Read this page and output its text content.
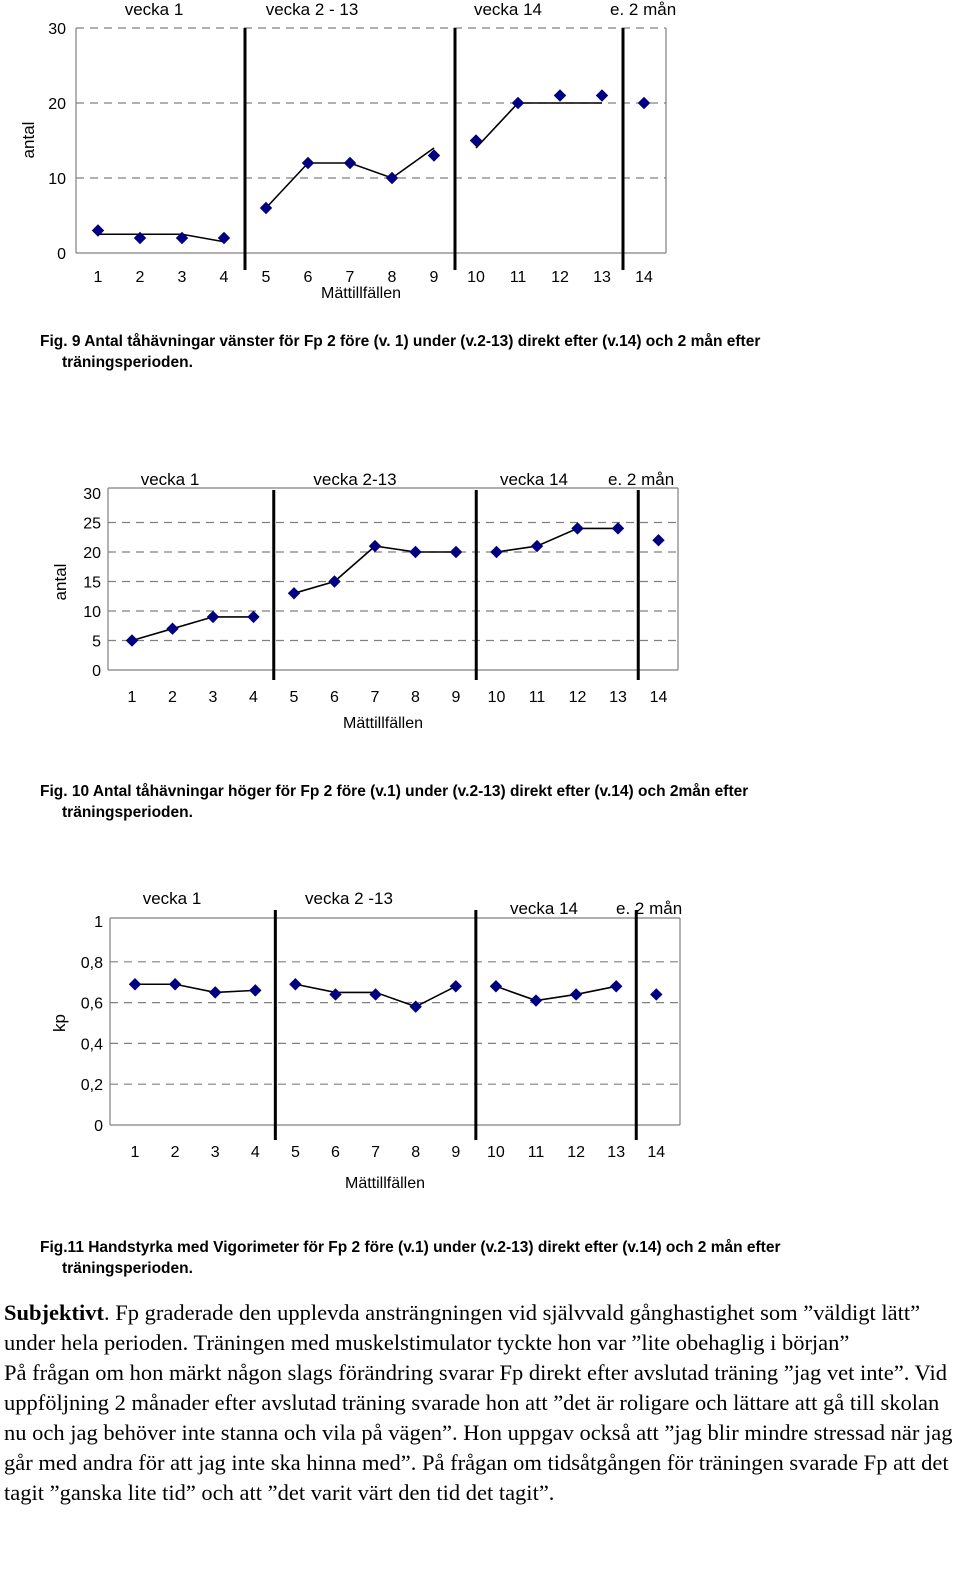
0
10
20
30
antal
1 2 3 4 5 6 7 8 9 10 11 12 13 14
Mättillfällen
vecka 1	vecka 2 - 13	vecka 14	e. 2 mån
Fig. 9 Antal tåhävningar vänster för Fp 2 före (v. 1) under (v.2-13) direkt efter (v.14) och 2 mån efter
träningsperioden.
0
5
10
15
20
25
30
antal
1 2 3 4 5 6 7 8 9 10 11 12 13 14
Mättillfällen
vecka 1	vecka 2-13	vecka 14 e. 2 mån
Fig. 10 Antal tåhävningar höger för Fp 2 före (v.1) under (v.2-13) direkt efter (v.14) och 2mån efter
träningsperioden.
0
0,2
0,4
0,6
0,8
1
kp
1 2 3 4 5 6 7 8 9 10 11 12 13 14
Mättillfällen
vecka 1	vecka 2 -13
vecka 14 e. 2 mån
Fig.11 Handstyrka med Vigorimeter för Fp 2 före (v.1) under (v.2-13) direkt efter (v.14) och 2 mån efter
träningsperioden.

Subjektivt. Fp graderade den upplevda ansträngningen vid självvald gånghastighet som ”väldigt lätt” under hela perioden. Träningen med muskelstimulator tyckte hon var ”lite obehaglig i början”

På frågan om hon märkt någon slags förändring svarar Fp direkt efter avslutad träning ”jag vet inte”. Vid uppföljning 2 månader efter avslutad träning svarade hon att ”det är roligare och lättare att gå till skolan nu och jag behöver inte stanna och vila på vägen”. Hon uppgav också att ”jag blir mindre stressad när jag går med andra för att jag inte ska hinna med”. På frågan om tidsåtgången för träningen svarade Fp att det tagit ”ganska lite tid” och att ”det varit värt den tid det tagit”.
